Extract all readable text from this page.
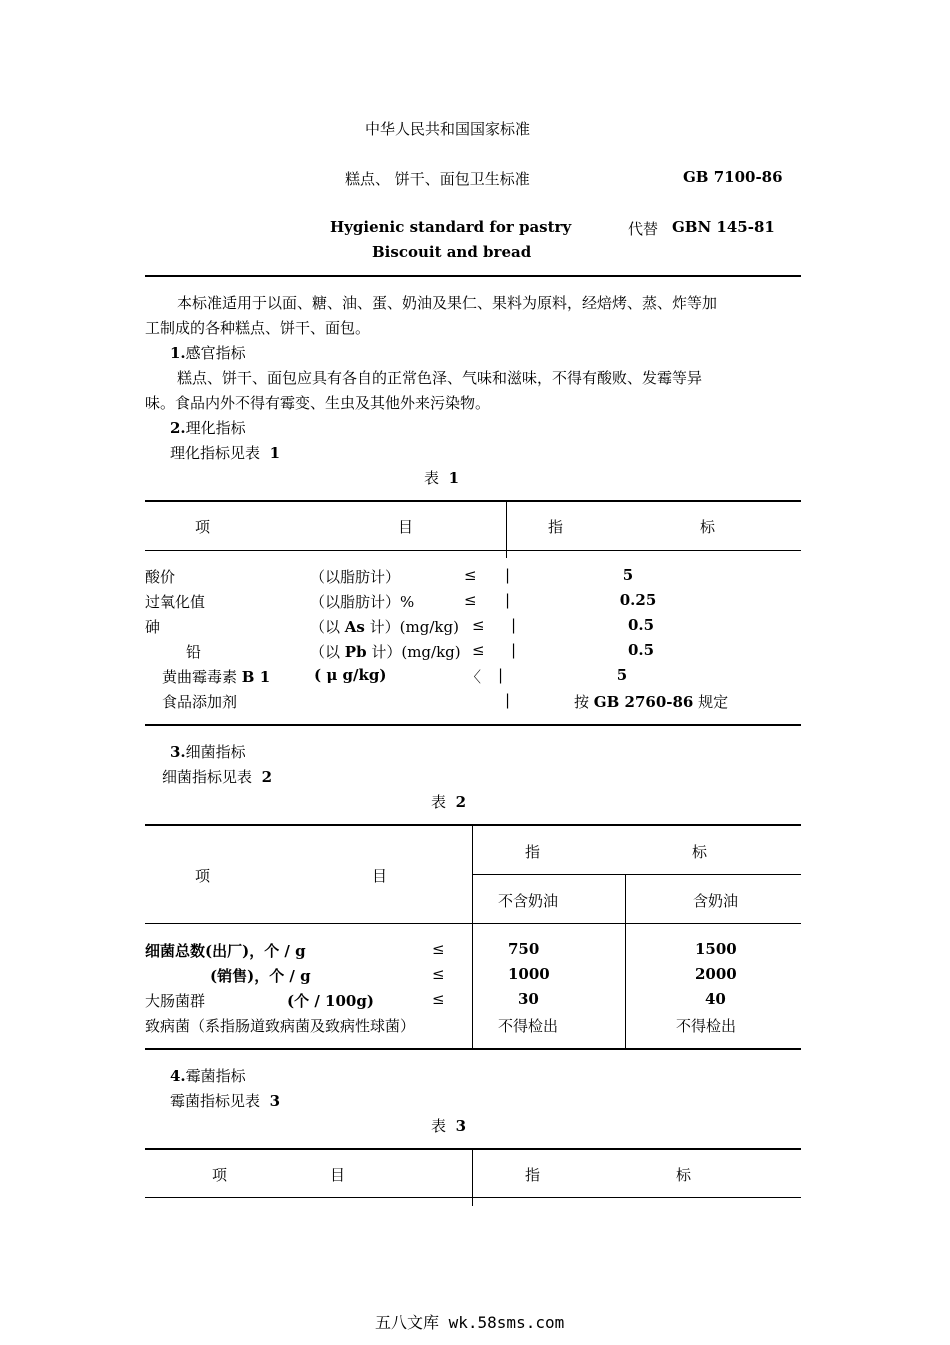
中华人民共和国国家标准
糕点、 饼干、面包卫生标准	GB 7100-86
Hygienic standard for pastry	代替 GBN 145-81
Biscouit and bread
本标准适用于以面、糖、油、蛋、奶油及果仁、果料为原料，经焙烤、蒸、炸等加
工制成的各种糕点、饼干、面包。
1.感官指标
糕点、饼干、面包应具有各自的正常色泽、气味和滋味，不得有酸败、发霉等异
味。食品内外不得有霉变、生虫及其他外来污染物。
2.理化指标
理化指标见表 1
表 1
项	目	指	标
酸价	（以脂肪计）	≤ |	5
过氧化值	（以脂肪计）%	≤ |	0.25
砷	（以 As 计）(mg/kg) ≤ |	0.5
铅	（以 Pb 计）(mg/kg) ≤ |	0.5
黄曲霉毒素 B 1	( μ g/kg)	〈 |	5
食品添加剂	|	按 GB 2760-86 规定
3.细菌指标
细菌指标见表 2
表 2
指	标
项	目
不含奶油	含奶油
细菌总数(出厂)，个 / g	≤	750	1500
(销售)，个 / g	≤	1000	2000
大肠菌群	(个 / 100g)	≤	30	40
致病菌（系指肠道致病菌及致病性球菌）	不得检出	不得检出
4.霉菌指标
霉菌指标见表 3
表 3
项	目	指	标
五八文库 wk.58sms.com
